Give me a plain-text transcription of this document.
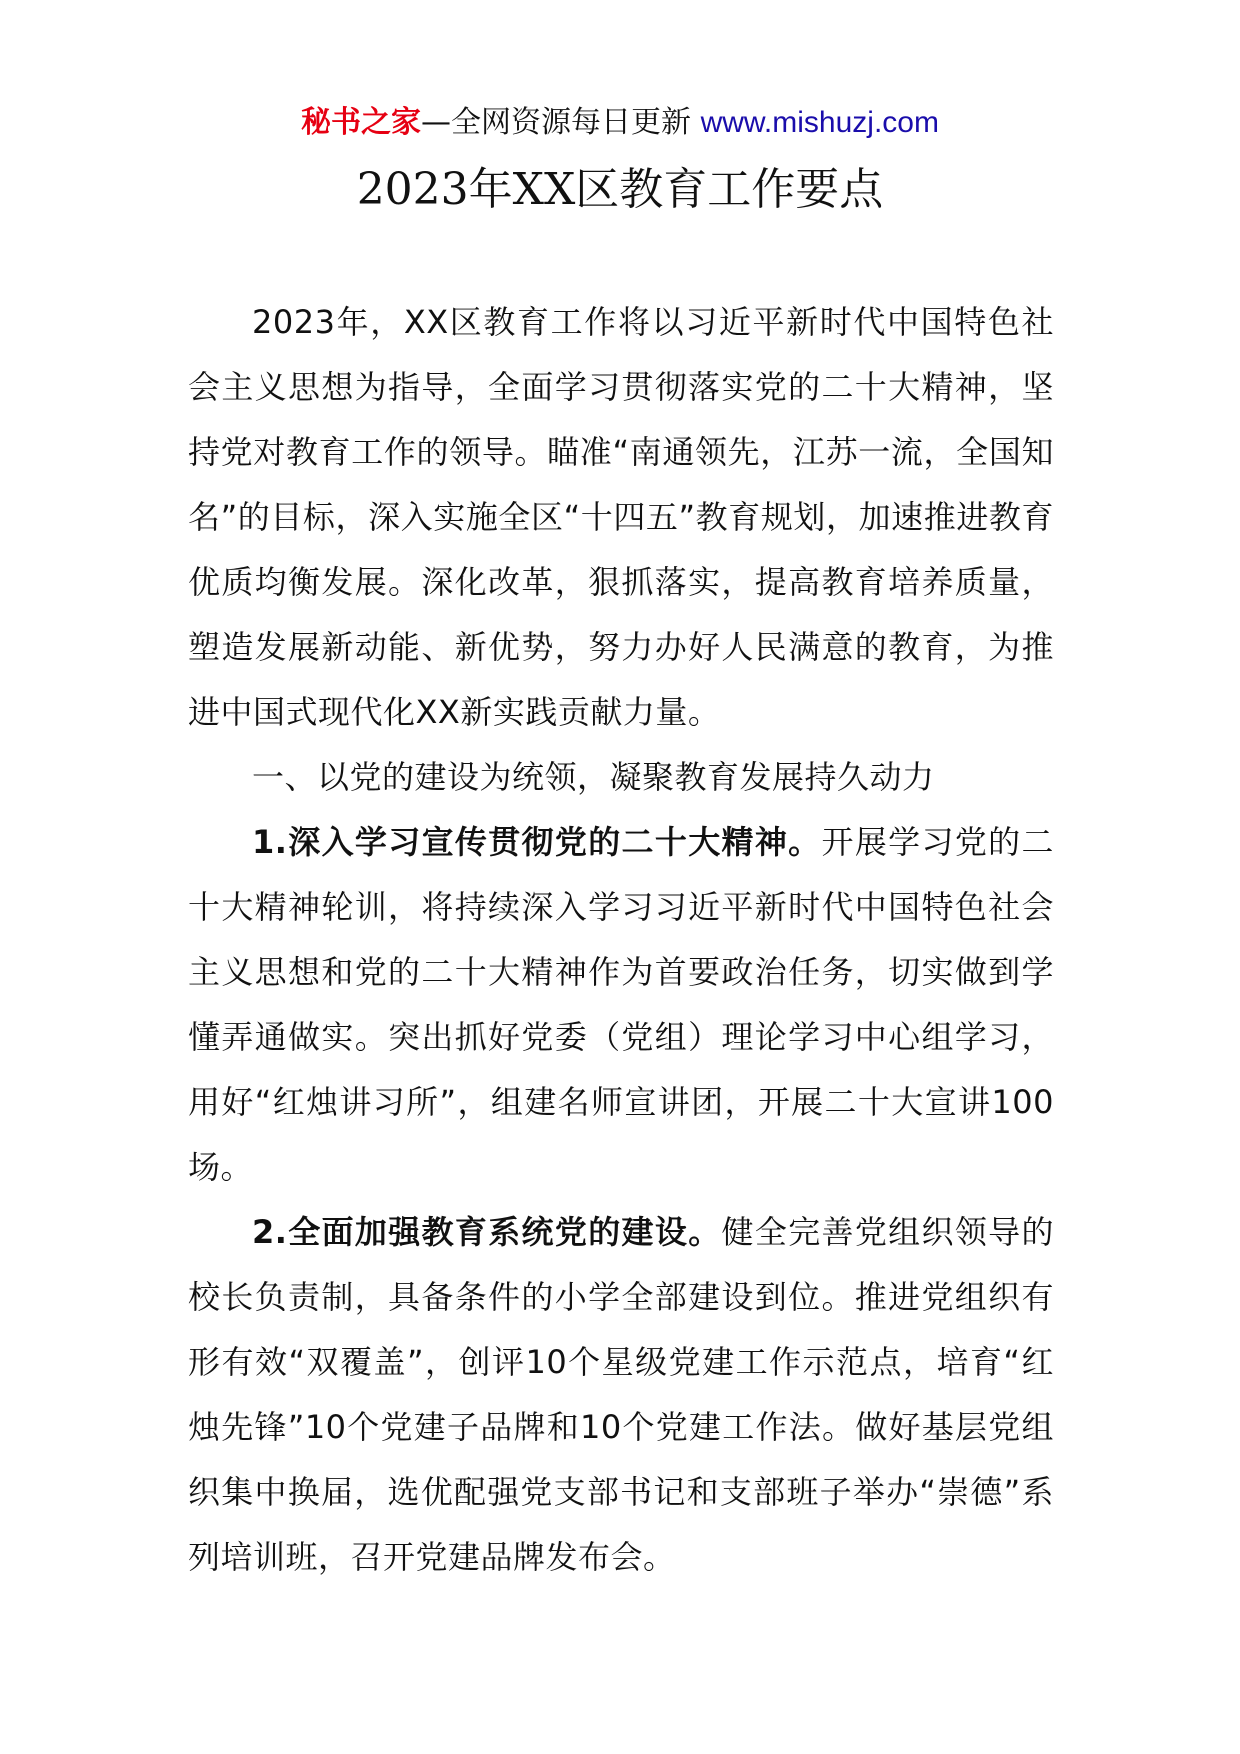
秘书之家—全网资源每日更新 www.mishuzj.com
2023年XX区教育工作要点

2023年，XX区教育工作将以习近平新时代中国特色社会主义思想为指导，全面学习贯彻落实党的二十大精神，坚持党对教育工作的领导。瞄准“南通领先，江苏一流，全国知名”的目标，深入实施全区“十四五”教育规划，加速推进教育优质均衡发展。深化改革，狠抓落实，提高教育培养质量，塑造发展新动能、新优势，努力办好人民满意的教育，为推进中国式现代化XX新实践贡献力量。

一、以党的建设为统领，凝聚教育发展持久动力

1.深入学习宣传贯彻党的二十大精神。开展学习党的二十大精神轮训，将持续深入学习习近平新时代中国特色社会主义思想和党的二十大精神作为首要政治任务，切实做到学懂弄通做实。突出抓好党委（党组）理论学习中心组学习，用好“红烛讲习所”，组建名师宣讲团，开展二十大宣讲100场。

2.全面加强教育系统党的建设。健全完善党组织领导的校长负责制，具备条件的小学全部建设到位。推进党组织有形有效“双覆盖”，创评10个星级党建工作示范点，培育“红烛先锋”10个党建子品牌和10个党建工作法。做好基层党组织集中换届，选优配强党支部书记和支部班子举办“崇德”系列培训班，召开党建品牌发布会。
